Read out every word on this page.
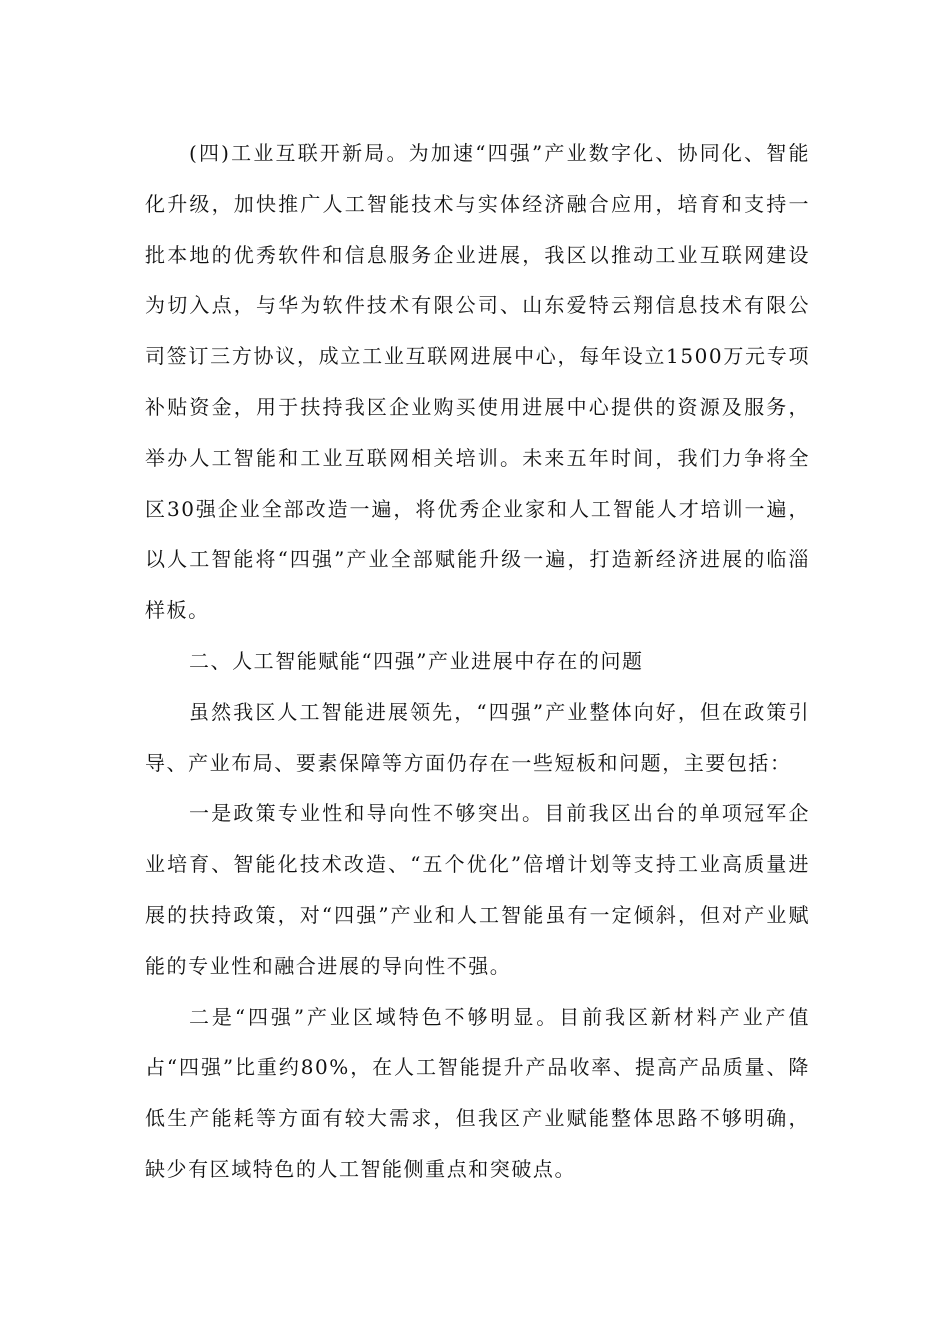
(四)工业互联开新局。为加速“四强”产业数字化、协同化、智能化升级，加快推广人工智能技术与实体经济融合应用，培育和支持一批本地的优秀软件和信息服务企业进展，我区以推动工业互联网建设为切入点，与华为软件技术有限公司、山东爱特云翔信息技术有限公司签订三方协议，成立工业互联网进展中心，每年设立1500万元专项补贴资金，用于扶持我区企业购买使用进展中心提供的资源及服务，举办人工智能和工业互联网相关培训。未来五年时间，我们力争将全区30强企业全部改造一遍，将优秀企业家和人工智能人才培训一遍，以人工智能将“四强”产业全部赋能升级一遍，打造新经济进展的临淄样板。

二、人工智能赋能“四强”产业进展中存在的问题

虽然我区人工智能进展领先，“四强”产业整体向好，但在政策引导、产业布局、要素保障等方面仍存在一些短板和问题，主要包括：

一是政策专业性和导向性不够突出。目前我区出台的单项冠军企业培育、智能化技术改造、“五个优化”倍增计划等支持工业高质量进展的扶持政策，对“四强”产业和人工智能虽有一定倾斜，但对产业赋能的专业性和融合进展的导向性不强。

二是“四强”产业区域特色不够明显。目前我区新材料产业产值占“四强”比重约80%，在人工智能提升产品收率、提高产品质量、降低生产能耗等方面有较大需求，但我区产业赋能整体思路不够明确，缺少有区域特色的人工智能侧重点和突破点。
